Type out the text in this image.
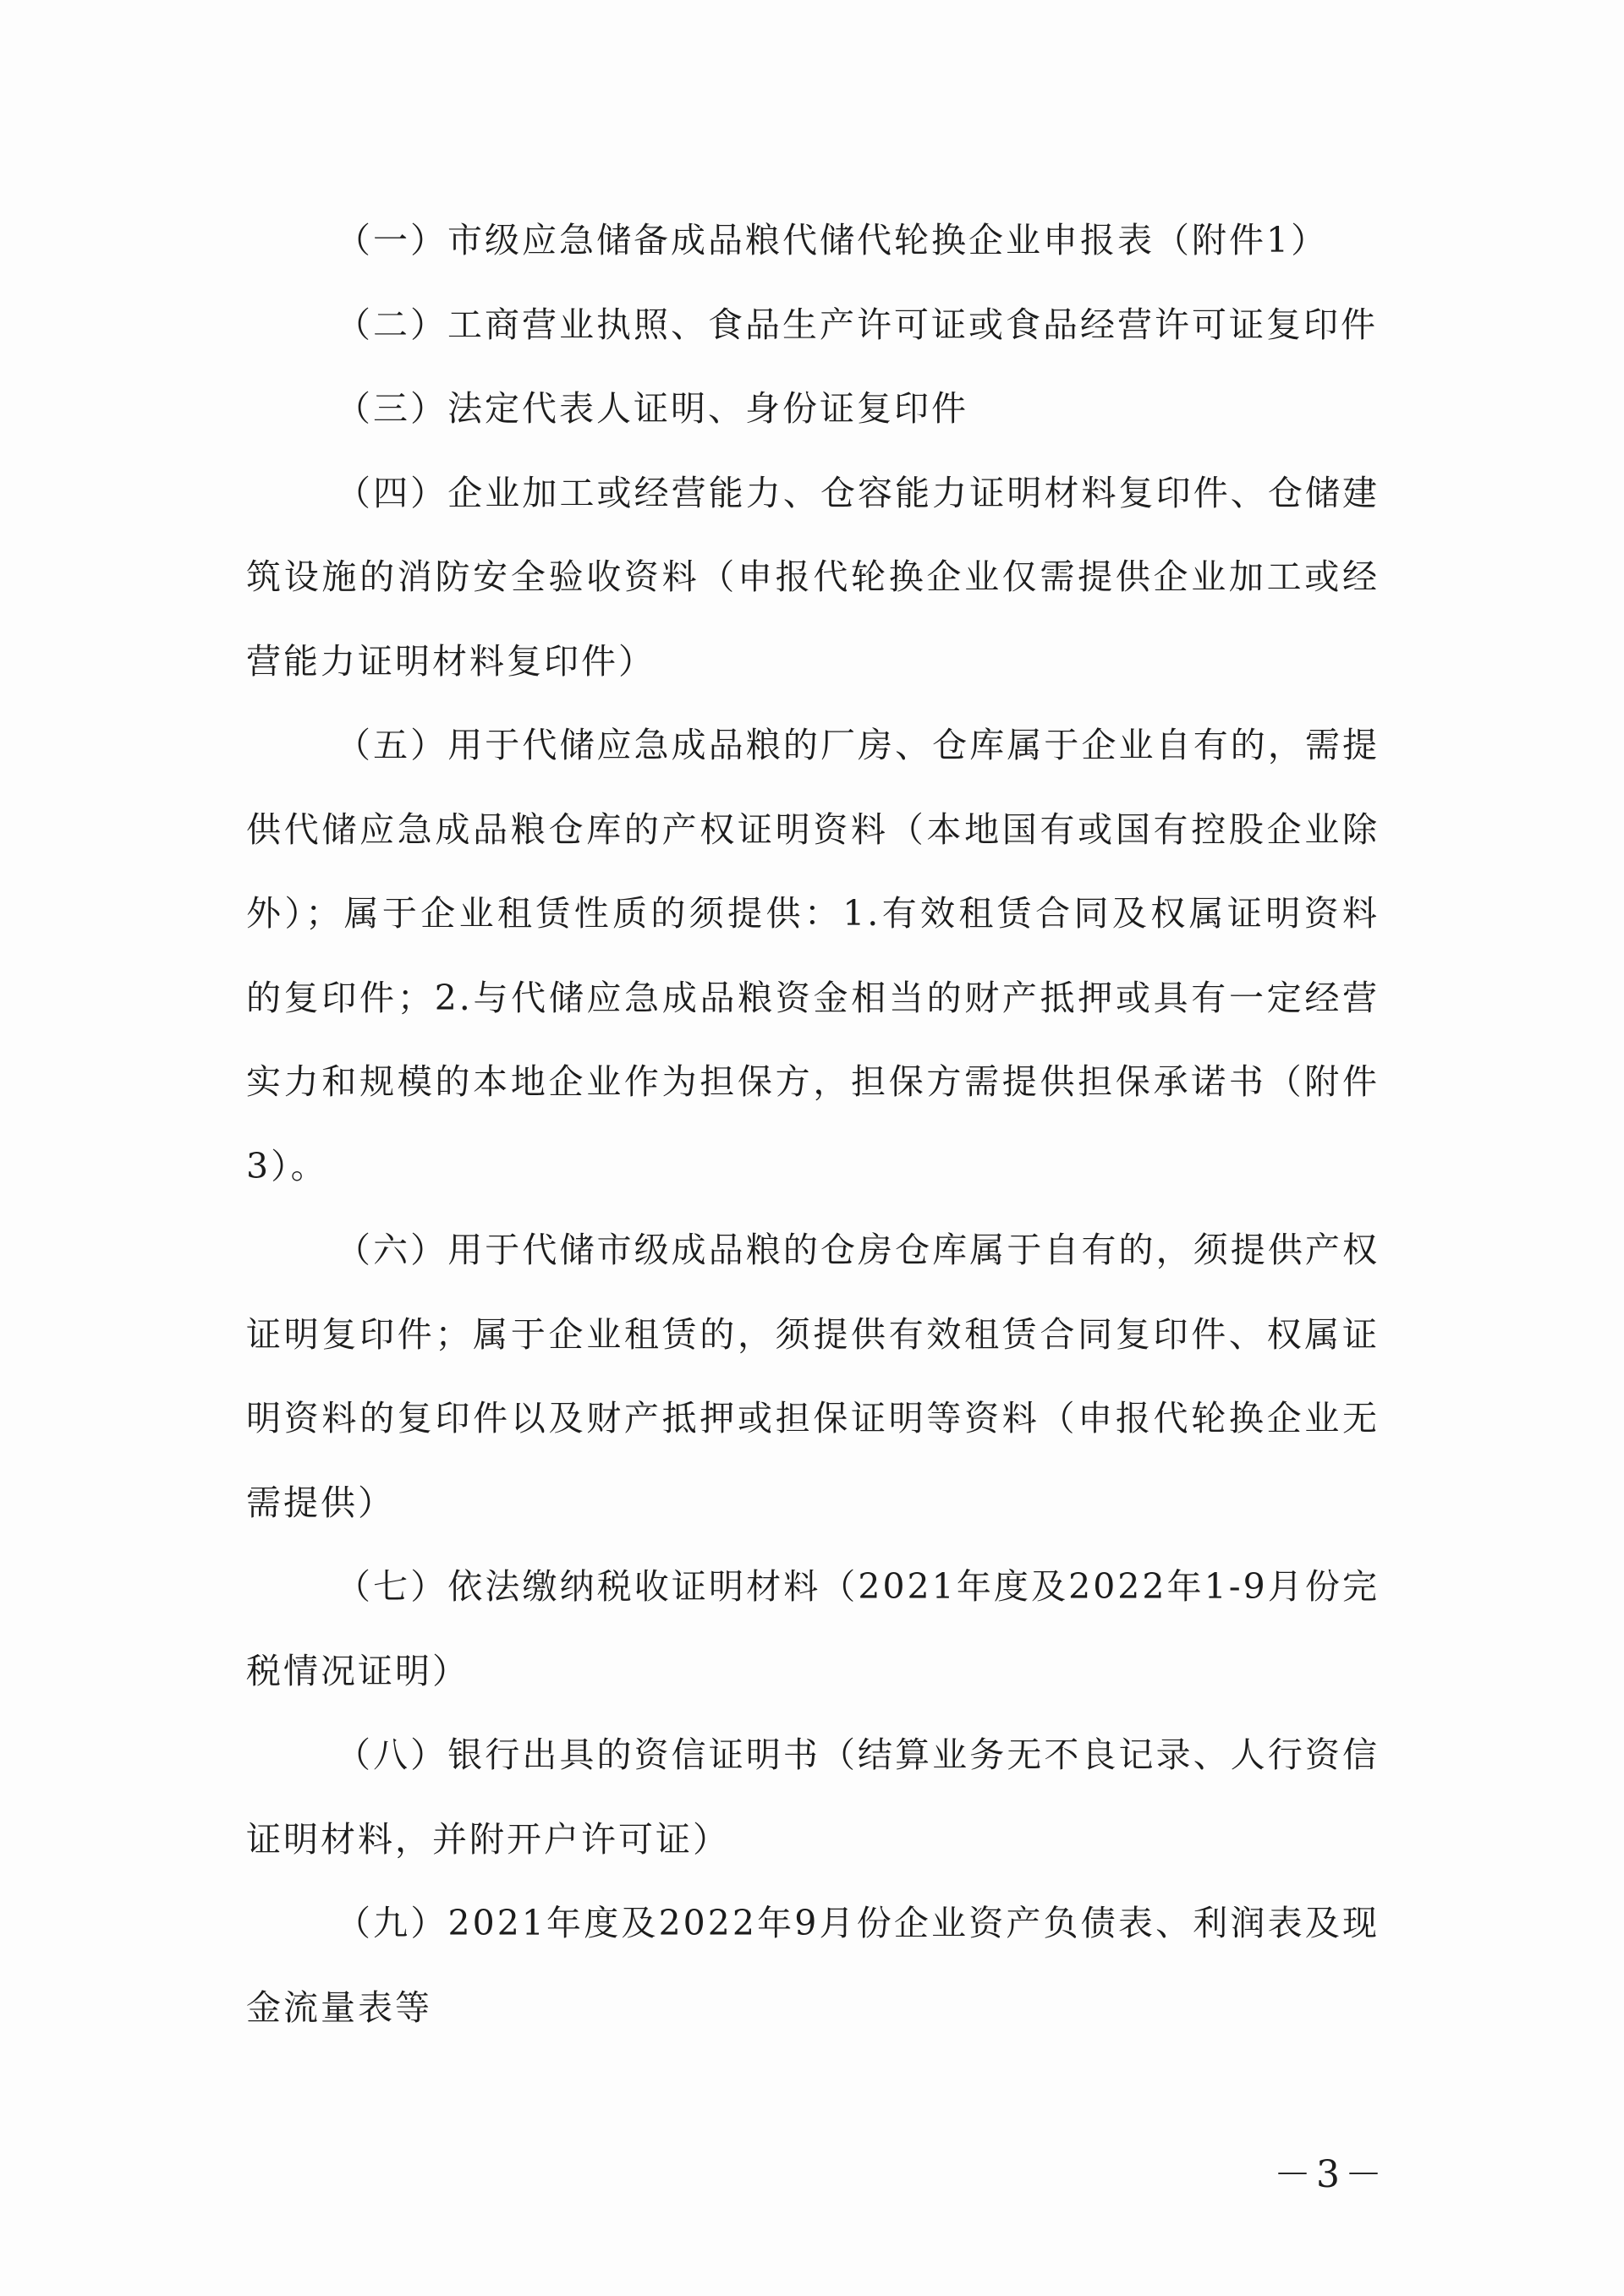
（一）市级应急储备成品粮代储代轮换企业申报表（附件1）

（二）工商营业执照、食品生产许可证或食品经营许可证复印件

（三）法定代表人证明、身份证复印件

（四）企业加工或经营能力、仓容能力证明材料复印件、仓储建筑设施的消防安全验收资料（申报代轮换企业仅需提供企业加工或经营能力证明材料复印件）

（五）用于代储应急成品粮的厂房、仓库属于企业自有的，需提供代储应急成品粮仓库的产权证明资料（本地国有或国有控股企业除外）；属于企业租赁性质的须提供：1.有效租赁合同及权属证明资料的复印件；2.与代储应急成品粮资金相当的财产抵押或具有一定经营实力和规模的本地企业作为担保方，担保方需提供担保承诺书（附件3）。

（六）用于代储市级成品粮的仓房仓库属于自有的，须提供产权证明复印件；属于企业租赁的，须提供有效租赁合同复印件、权属证明资料的复印件以及财产抵押或担保证明等资料（申报代轮换企业无需提供）

（七）依法缴纳税收证明材料（2021年度及2022年1-9月份完税情况证明）

（八）银行出具的资信证明书（结算业务无不良记录、人行资信证明材料，并附开户许可证）

（九）2021年度及2022年9月份企业资产负债表、利润表及现金流量表等

－3－
